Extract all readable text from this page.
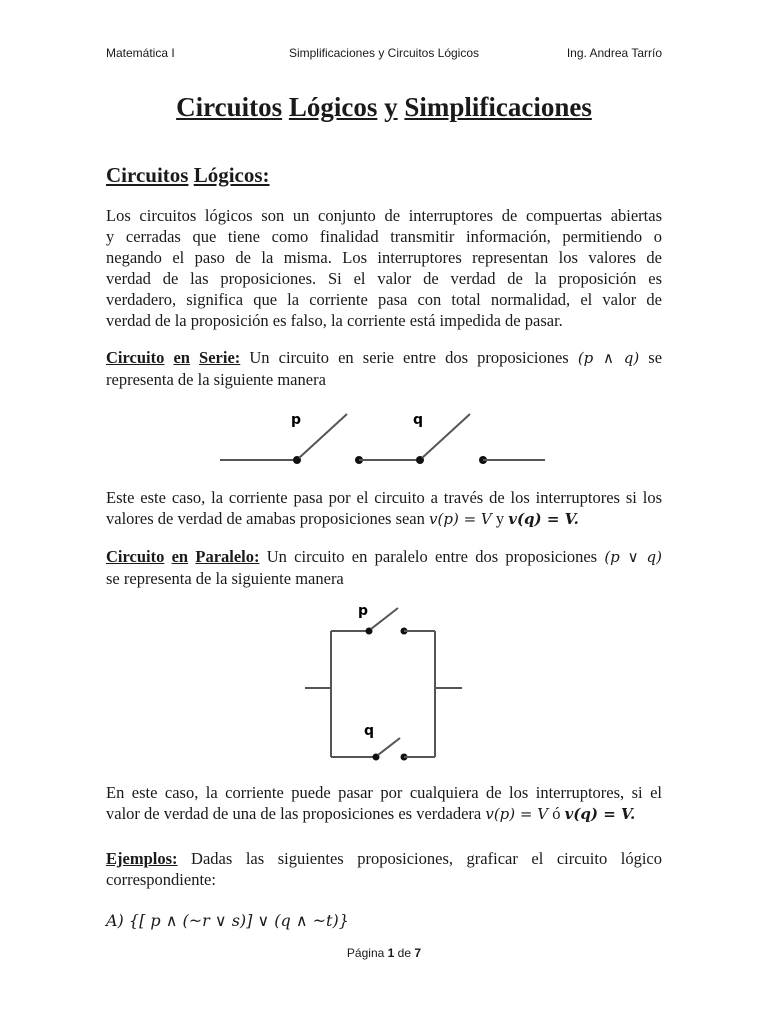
Matemática I	Simplificaciones y Circuitos Lógicos	Ing. Andrea Tarrío
Circuitos Lógicos y Simplificaciones
Circuitos Lógicos:
Los circuitos lógicos son un conjunto de interruptores de compuertas abiertas
y cerradas que tiene como finalidad transmitir información, permitiendo o
negando el paso de la misma. Los interruptores representan los valores de
verdad de las proposiciones. Si el valor de verdad de la proposición es
verdadero, significa que la corriente pasa con total normalidad, el valor de
verdad de la proposición es falso, la corriente está impedida de pasar.
Circuito en Serie: Un circuito en serie entre dos proposiciones (p ∧ q) se
representa de la siguiente manera
p	q
Este este caso, la corriente pasa por el circuito a través de los interruptores si los
valores de verdad de amabas proposiciones sean v(p) = V y v(q) = V.
Circuito en Paralelo: Un circuito en paralelo entre dos proposiciones (p ∨ q)
se representa de la siguiente manera
p
q
En este caso, la corriente puede pasar por cualquiera de los interruptores, si el
valor de verdad de una de las proposiciones es verdadera v(p) = V ó v(q) = V.
Ejemplos: Dadas las siguientes proposiciones, graficar el circuito lógico
correspondiente:
A) {[ p ∧ (~r ∨ s)] ∨ (q ∧ ~t)}
Página 1 de 7
